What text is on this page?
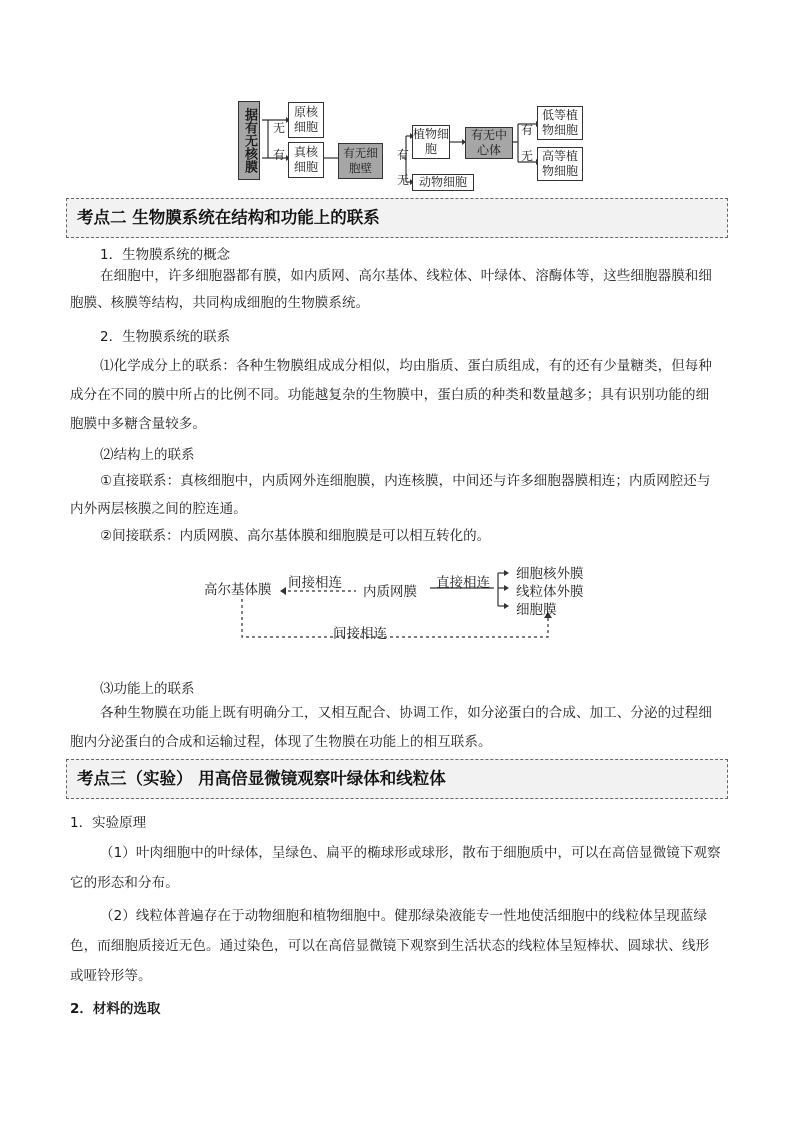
据有无核膜 无
有
原核细胞
真核细胞
有无细胞壁
有
无
植物细胞
动物细胞
有无中心体
有
无
低等植物细胞
高等植物细胞
考点二 生物膜系统在结构和功能上的联系
1．生物膜系统的概念
在细胞中，许多细胞器都有膜，如内质网、高尔基体、线粒体、叶绿体、溶酶体等，这些细胞器膜和细胞膜、核膜等结构，共同构成细胞的生物膜系统。
2．生物膜系统的联系
⑴化学成分上的联系：各种生物膜组成成分相似，均由脂质、蛋白质组成，有的还有少量糖类，但每种成分在不同的膜中所占的比例不同。功能越复杂的生物膜中，蛋白质的种类和数量越多；具有识别功能的细胞膜中多糖含量较多。
⑵结构上的联系
①直接联系：真核细胞中，内质网外连细胞膜，内连核膜，中间还与许多细胞器膜相连；内质网腔还与内外两层核膜之间的腔连通。
②间接联系：内质网膜、高尔基体膜和细胞膜是可以相互转化的。
高尔基体膜 间接相连
内质网膜
直接相连
细胞核外膜
线粒体外膜
细胞膜
间接相连
⑶功能上的联系
各种生物膜在功能上既有明确分工，又相互配合、协调工作，如分泌蛋白的合成、加工、分泌的过程细胞内分泌蛋白的合成和运输过程，体现了生物膜在功能上的相互联系。
考点三（实验） 用高倍显微镜观察叶绿体和线粒体
1．实验原理
（1）叶肉细胞中的叶绿体，呈绿色、扁平的椭球形或球形，散布于细胞质中，可以在高倍显微镜下观察它的形态和分布。
（2）线粒体普遍存在于动物细胞和植物细胞中。健那绿染液能专一性地使活细胞中的线粒体呈现蓝绿色，而细胞质接近无色。通过染色，可以在高倍显微镜下观察到生活状态的线粒体呈短棒状、圆球状、线形或哑铃形等。
2．材料的选取
